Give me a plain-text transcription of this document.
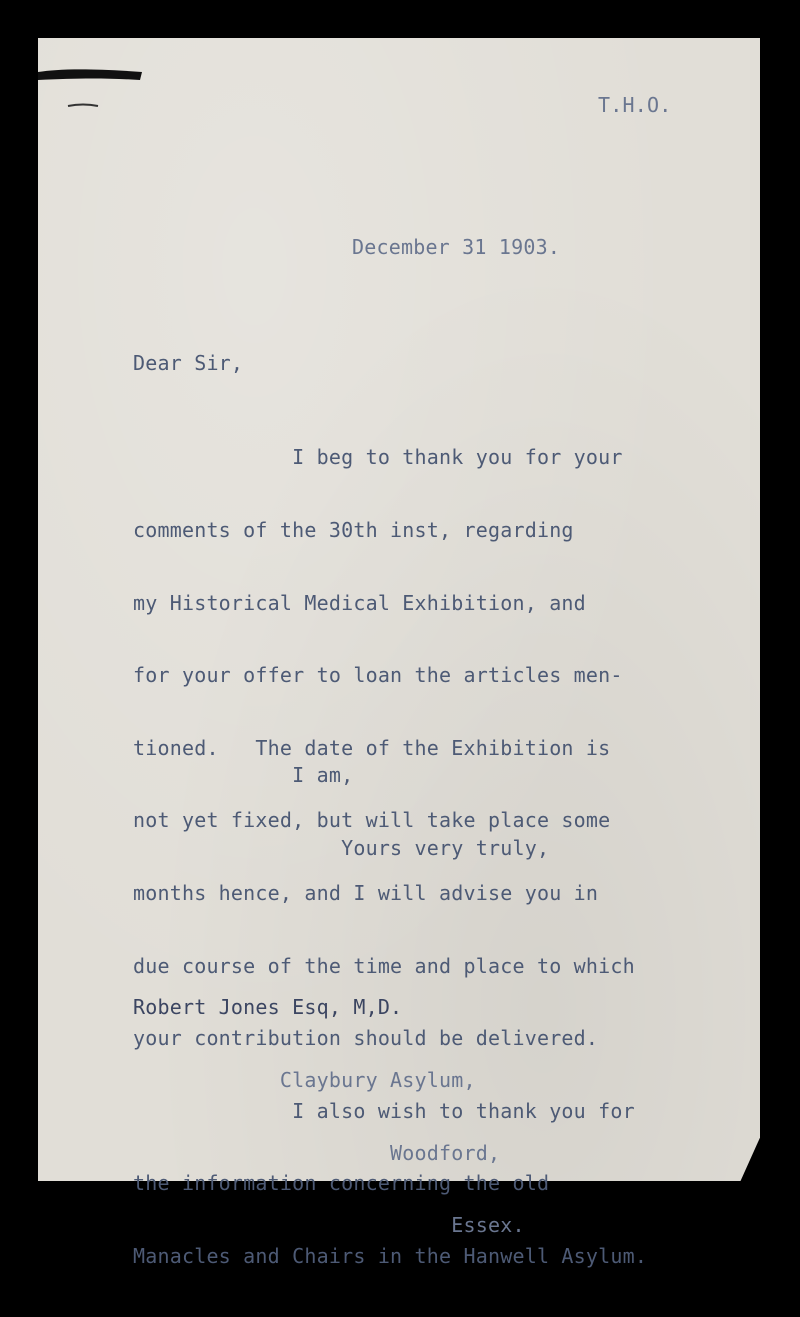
T.H.O.
December 31 1903.
Dear Sir,

I beg to thank you for your

comments of the 30th inst, regarding

my Historical Medical Exhibition, and

for your offer to loan the articles men-

tioned.   The date of the Exhibition is

not yet fixed, but will take place some

months hence, and I will advise you in

due course of the time and place to which

your contribution should be delivered.

I also wish to thank you for

the information concerning the old

Manacles and Chairs in the Hanwell Asylum.

I am,

Yours very truly,

Robert Jones Esq, M,D.

Claybury Asylum,

Woodford,

Essex.
